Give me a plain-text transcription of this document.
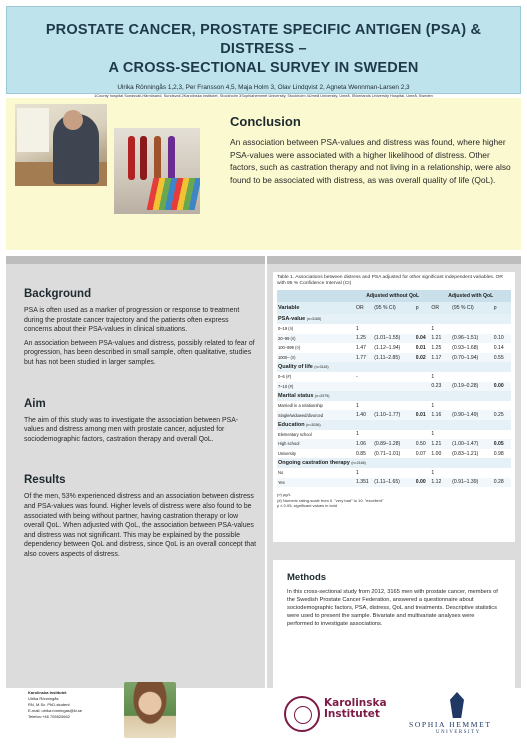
PROSTATE CANCER, PROSTATE SPECIFIC ANTIGEN (PSA) & DISTRESS –
A CROSS-SECTIONAL SURVEY IN SWEDEN
Ulrika Rönningås 1,2,3, Per Fransson 4,5, Maja Holm 3, Olav Lindqvist 2, Agneta Wennman-Larsen 2,3
1County hospital Sundsvall-Härnösand, Sundsvall 2Karolinska Institutet, Stockholm 3Sophiahemmet University, Stockholm 4Umeå University, Umeå, 5Norrlands University Hospital, Umeå, Sweden
Conclusion
An association between PSA-values and distress was found, where higher PSA-values were associated with a higher likelihood of distress. Other factors, such as castration therapy and not living in a relationship, were also found to be associated with distress, as was overall quality of life (QoL).
Background
PSA is often used as a marker of progression or response to treatment during the prostate cancer trajectory and the patients often express concerns about their PSA-values in clinical situations.
An association between PSA-values and distress, possibly related to fear of progression, has been described in small sample, often qualitative, studies but has not been studied in larger samples.
Aim
The aim of this study was to investigate the association between PSA-values and distress among men with prostate cancer, adjusted for sociodemographic factors, castration therapy and overall QoL.
Results
Of the men, 53% experienced distress and an association between distress and PSA-values was found. Higher levels of distress were also found to be associated with being without partner, having castration therapy or low overall QoL. When adjusted with QoL, the association between PSA-values and distress was not significant. This may be explained by the possible dependency between QoL and distress, since QoL is an overall concept that also covers aspects of distress.
Table 1. Associations between distress and PSA adjusted for other significant independent variables. OR with 95 % Confidence Interval (CI)
	Adjusted without QoL			Adjusted with QoL		
Variable	OR	(95 % CI)	p	OR	(95 % CI)	p
PSA-value (n=3165)						
0–19 (¤)	1			1		
20–99 (¤)	1.25	(1.01–1.55)	0.04	1.21	(0.96–1.51)	0.10
100–999 (¤)	1.47	(1.12–1.94)	0.01	1.25	(0.93–1.68)	0.14
1000– (¤)	1.77	(1.11–2.85)	0.02	1.17	(0.70–1.94)	0.55
Quality of life (n=3118)						
0–6 (#)	-			1		
7–10 (#)				0.23	(0.19–0.28)	0.00
Marital status (n=2979)						
Married/ in a relationship	1			1		
Single/widowed/divorced	1.40	(1.10–1.77)	0.01	1.16	(0.90–1.49)	0.25
Education (n=3036)						
Elementary school	1			1		
High school	1.06	(0.89–1.28)	0.50	1.21	(1.00–1.47)	0.05
University	0.85	(0.71–1.01)	0.07	1.00	(0.83–1.21)	0.98
Ongoing castration therapy (n=2166)						
No	1			1		
Yes	1.351	(1.11–1.65)	0.00	1.12	(0.91–1.39)	0.28
(¤) µg/L
(#) Numeric rating-scale from 0. "very bad" to 10. "excellent"
p ≤ 0.05; significant values in bold
Methods
In this cross-sectional study from 2012, 3165 men with prostate cancer, members of the Swedish Prostate Cancer Federation, answered a questionnaire about sociodemographic factors, PSA, distress, QoL and treatments. Descriptive statistics were used to present the sample. Bivariate and multivariate analyses were performed to investigate associations.
Karolinska Institutet
Ulrika Rönningås
RN, M.Sc. PhD-student
E-mail: ulrika.ronningas@ki.se
Telefon:+46 705520662
Karolinska
Institutet
SOPHIA HEMMET
UNIVERSITY
